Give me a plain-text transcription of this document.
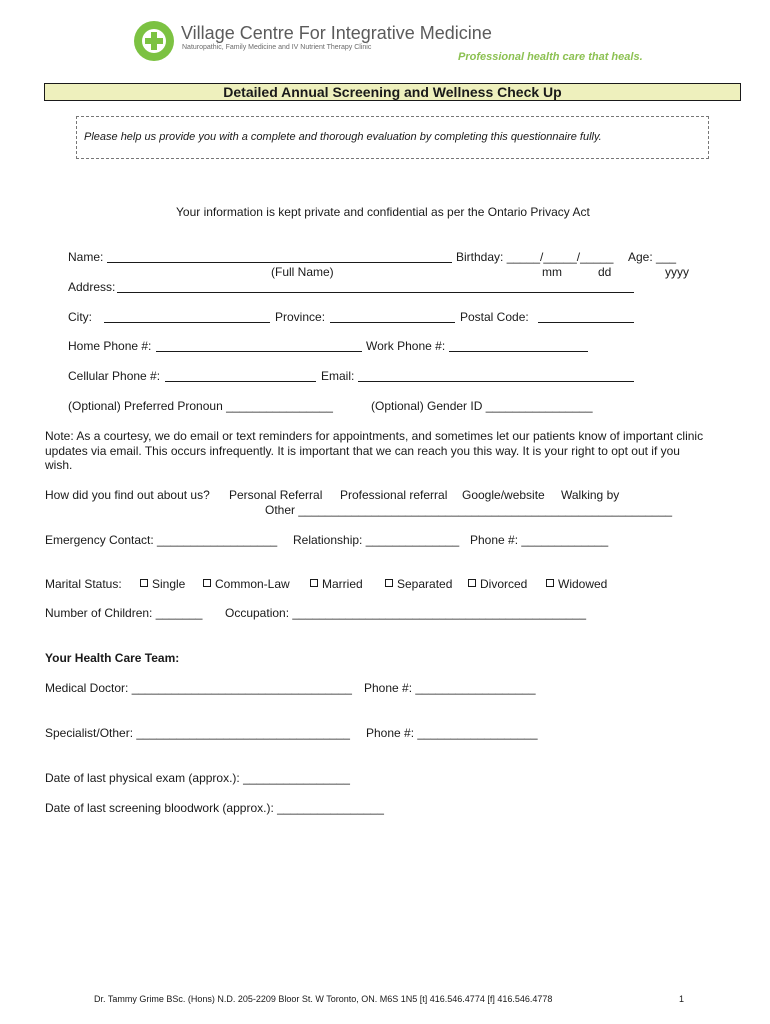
Village Centre For Integrative Medicine
Naturopathic, Family Medicine and IV Nutrient Therapy Clinic
Professional health care that heals.
Detailed Annual Screening and Wellness Check Up
Please help us provide you with a complete and thorough evaluation by completing this questionnaire fully.
Your information is kept private and confidential as per the Ontario Privacy Act
Name:	Birthday: _____/_____/_____ Age: ___
(Full Name)	mm	dd	yyyy
Address:
City:	Province:	Postal Code:
Home Phone #:	Work Phone #:
Cellular Phone #:	Email:
(Optional) Preferred Pronoun ________________	(Optional) Gender ID ________________
Note: As a courtesy, we do email or text reminders for appointments, and sometimes let our patients know of important clinic
updates via email. This occurs infrequently. It is important that we can reach you this way. It is your right to opt out if you
wish.
How did you find out about us? Personal Referral Professional referral Google/website Walking by
Other ________________________________________________________
Emergency Contact: __________________ Relationship: ______________ Phone #: _____________
Marital Status:	Single	Common-Law	Married	Separated	Divorced	Widowed
Number of Children: _______ Occupation: ____________________________________________
Your Health Care Team:
Medical Doctor: _________________________________ Phone #: __________________
Specialist/Other: ________________________________ Phone #: __________________
Date of last physical exam (approx.): ________________
Date of last screening bloodwork (approx.): ________________
Dr. Tammy Grime BSc. (Hons) N.D. 205-2209 Bloor St. W Toronto, ON. M6S 1N5 [t] 416.546.4774 [f] 416.546.4778	1
